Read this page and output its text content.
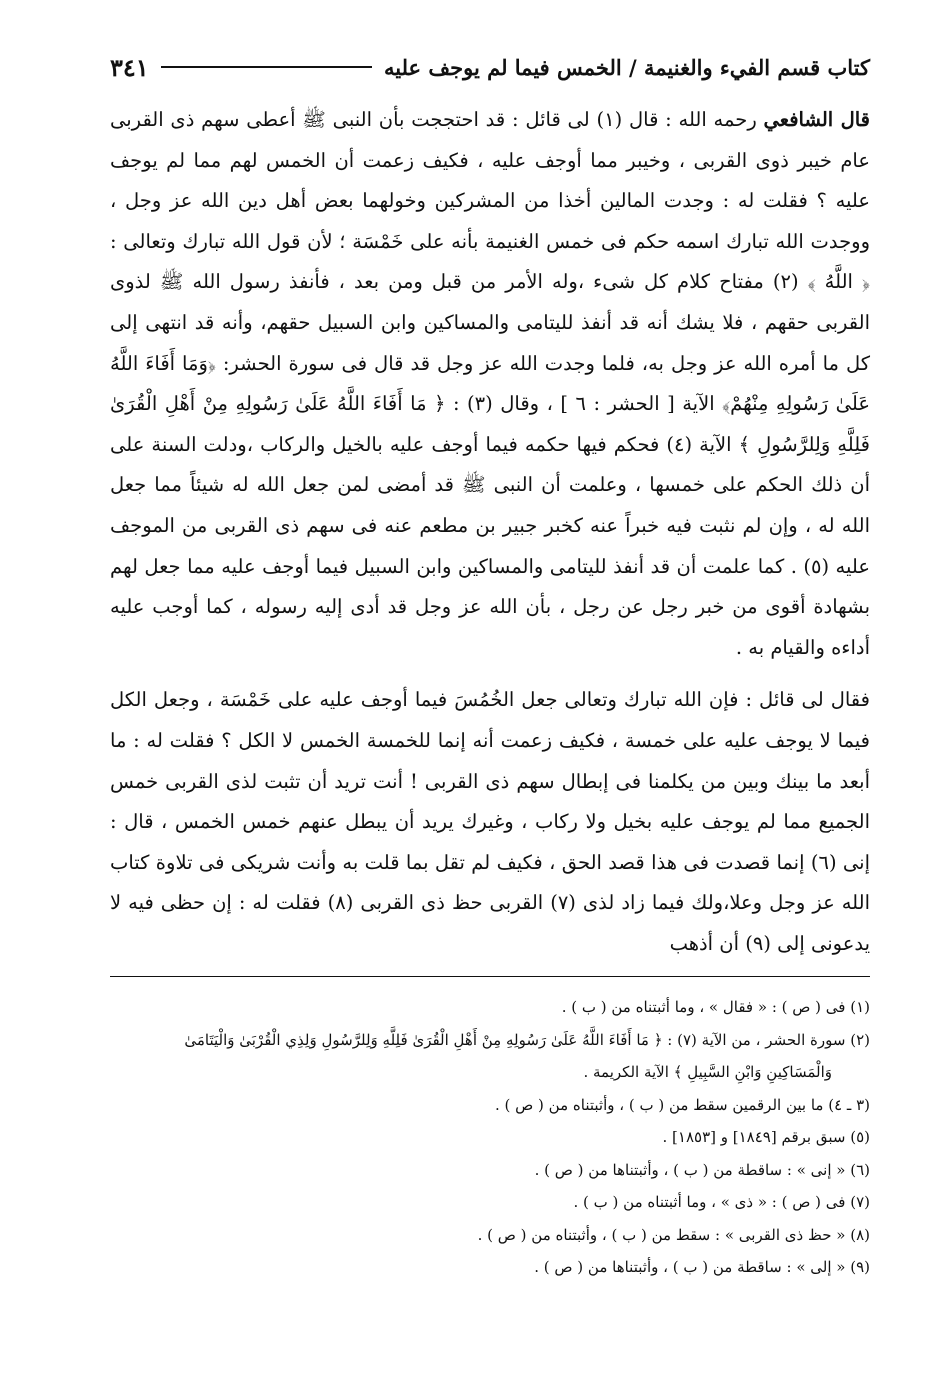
كتاب قسم الفيء والغنيمة / الخمس فيما لم يوجف عليه
٣٤١

قال الشافعي رحمه الله : قال (١) لى قائل : قد احتججت بأن النبى ﷺ أعطى سهم ذى القربى عام خيبر ذوى القربى ، وخيبر مما أوجف عليه ، فكيف زعمت أن الخمس لهم مما لم يوجف عليه ؟ فقلت له : وجدت المالين أخذا من المشركين وخولهما بعض أهل دين الله عز وجل ، ووجدت الله تبارك اسمه حكم فى خمس الغنيمة بأنه على خَمْسَة ؛ لأن قول الله تبارك وتعالى : ﴿ اللَّهُ ﴾ (٢) مفتاح كلام كل شىء ،وله الأمر من قبل ومن بعد ، فأنفذ رسول الله ﷺ لذوى القربى حقهم ، فلا يشك أنه قد أنفذ لليتامى والمساكين وابن السبيل حقهم، وأنه قد انتهى إلى كل ما أمره الله عز وجل به، فلما وجدت الله عز وجل قد قال فى سورة الحشر: ﴿وَمَا أَفَاءَ اللَّهُ عَلَىٰ رَسُولِهِ مِنْهُمْ﴾ الآية [ الحشر : ٦ ] ، وقال (٣) : ﴿ مَا أَفَاءَ اللَّهُ عَلَىٰ رَسُولِهِ مِنْ أَهْلِ الْقُرَىٰ فَلِلَّهِ وَلِلرَّسُولِ ﴾ الآية (٤) فحكم فيها حكمه فيما أوجف عليه بالخيل والركاب ،ودلت السنة على أن ذلك الحكم على خمسها ، وعلمت أن النبى ﷺ قد أمضى لمن جعل الله له شيئاً مما جعل الله له ، وإن لم نثبت فيه خبراً عنه كخبر جبير بن مطعم عنه فى سهم ذى القربى من الموجف عليه (٥) . كما علمت أن قد أنفذ لليتامى والمساكين وابن السبيل فيما أوجف عليه مما جعل لهم بشهادة أقوى من خبر رجل عن رجل ، بأن الله عز وجل قد أدى إليه رسوله ، كما أوجب عليه أداءه والقيام به .

فقال لى قائل : فإن الله تبارك وتعالى جعل الخُمُسَ فيما أوجف عليه على خَمْسَة ، وجعل الكل فيما لا يوجف عليه على خمسة ، فكيف زعمت أنه إنما للخمسة الخمس لا الكل ؟ فقلت له : ما أبعد ما بينك وبين من يكلمنا فى إبطال سهم ذى القربى ! أنت تريد أن تثبت لذى القربى خمس الجميع مما لم يوجف عليه بخيل ولا ركاب ، وغيرك يريد أن يبطل عنهم خمس الخمس ، قال : إنى (٦) إنما قصدت فى هذا قصد الحق ، فكيف لم تقل بما قلت به وأنت شريكى فى تلاوة كتاب الله عز وجل وعلا،ولك فيما زاد لذى (٧) القربى حظ ذى القربى (٨) فقلت له : إن حظى فيه لا يدعونى إلى (٩) أن أذهب

(١) فى ( ص ) : « فقال » ، وما أثبتناه من ( ب ) .

(٢) سورة الحشر ، من الآية (٧) : ﴿ مَا أَفَاءَ اللَّهُ عَلَىٰ رَسُولِهِ مِنْ أَهْلِ الْقُرَىٰ فَلِلَّهِ وَلِلرَّسُولِ وَلِذِي الْقُرْبَىٰ وَالْيَتَامَىٰ

وَالْمَسَاكِينِ وَابْنِ السَّبِيلِ ﴾ الآية الكريمة .

(٣ ـ ٤) ما بين الرقمين سقط من ( ب ) ، وأثبتناه من ( ص ) .

(٥) سبق برقم [١٨٤٩] و [١٨٥٣] .

(٦) « إنى » : ساقطة من ( ب ) ، وأثبتناها من ( ص ) .

(٧) فى ( ص ) : « ذى » ، وما أثبتناه من ( ب ) .

(٨) « حظ ذى القربى » : سقط من ( ب ) ، وأثبتناه من ( ص ) .

(٩) « إلى » : ساقطة من ( ب ) ، وأثبتناها من ( ص ) .
